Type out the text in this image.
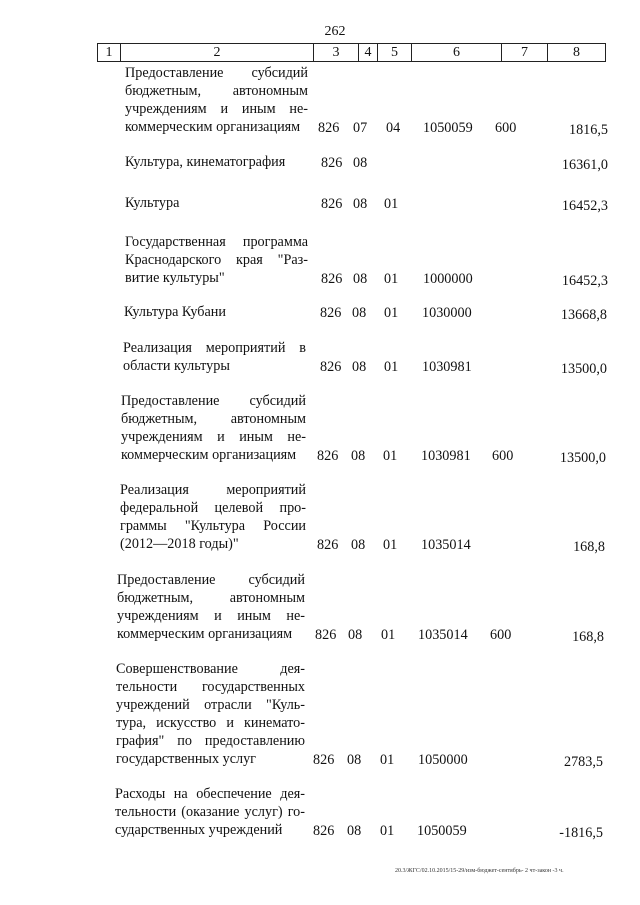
262
1	2	3	4	5	6	7	8
Предоставление субсидий
бюджетным, автономным
учреждениям и иным не-
коммерческим организациям	826 07 04 1050059 600	1816,5
Культура, кинематография	826 08	16361,0
Культура	826 08 01	16452,3
Государственная программа
Краснодарского края "Раз-
витие культуры"	826 08 01 1000000	16452,3
Культура Кубани	826 08 01 1030000	13668,8
Реализация мероприятий в
области культуры	826 08 01 1030981	13500,0
Предоставление субсидий
бюджетным, автономным
учреждениям и иным не-
коммерческим организациям	826 08 01 1030981 600	13500,0
Реализация мероприятий
федеральной целевой про-
граммы "Культура России
(2012—2018 годы)"	826 08 01 1035014	168,8
Предоставление субсидий
бюджетным, автономным
учреждениям и иным не-
коммерческим организациям	826 08 01 1035014 600	168,8
Совершенствование дея-
тельности государственных
учреждений отрасли "Куль-
тура, искусство и кинемато-
графия" по предоставлению
государственных услуг	826 08 01 1050000	2783,5
Расходы на обеспечение дея-
тельности (оказание услуг) го-
сударственных учреждений	826 08 01 1050059	-1816,5
20.3/ЖГС/02.10.2015/15-29/изм-бюджет-сентябрь- 2 чт-закон -3 ч.
